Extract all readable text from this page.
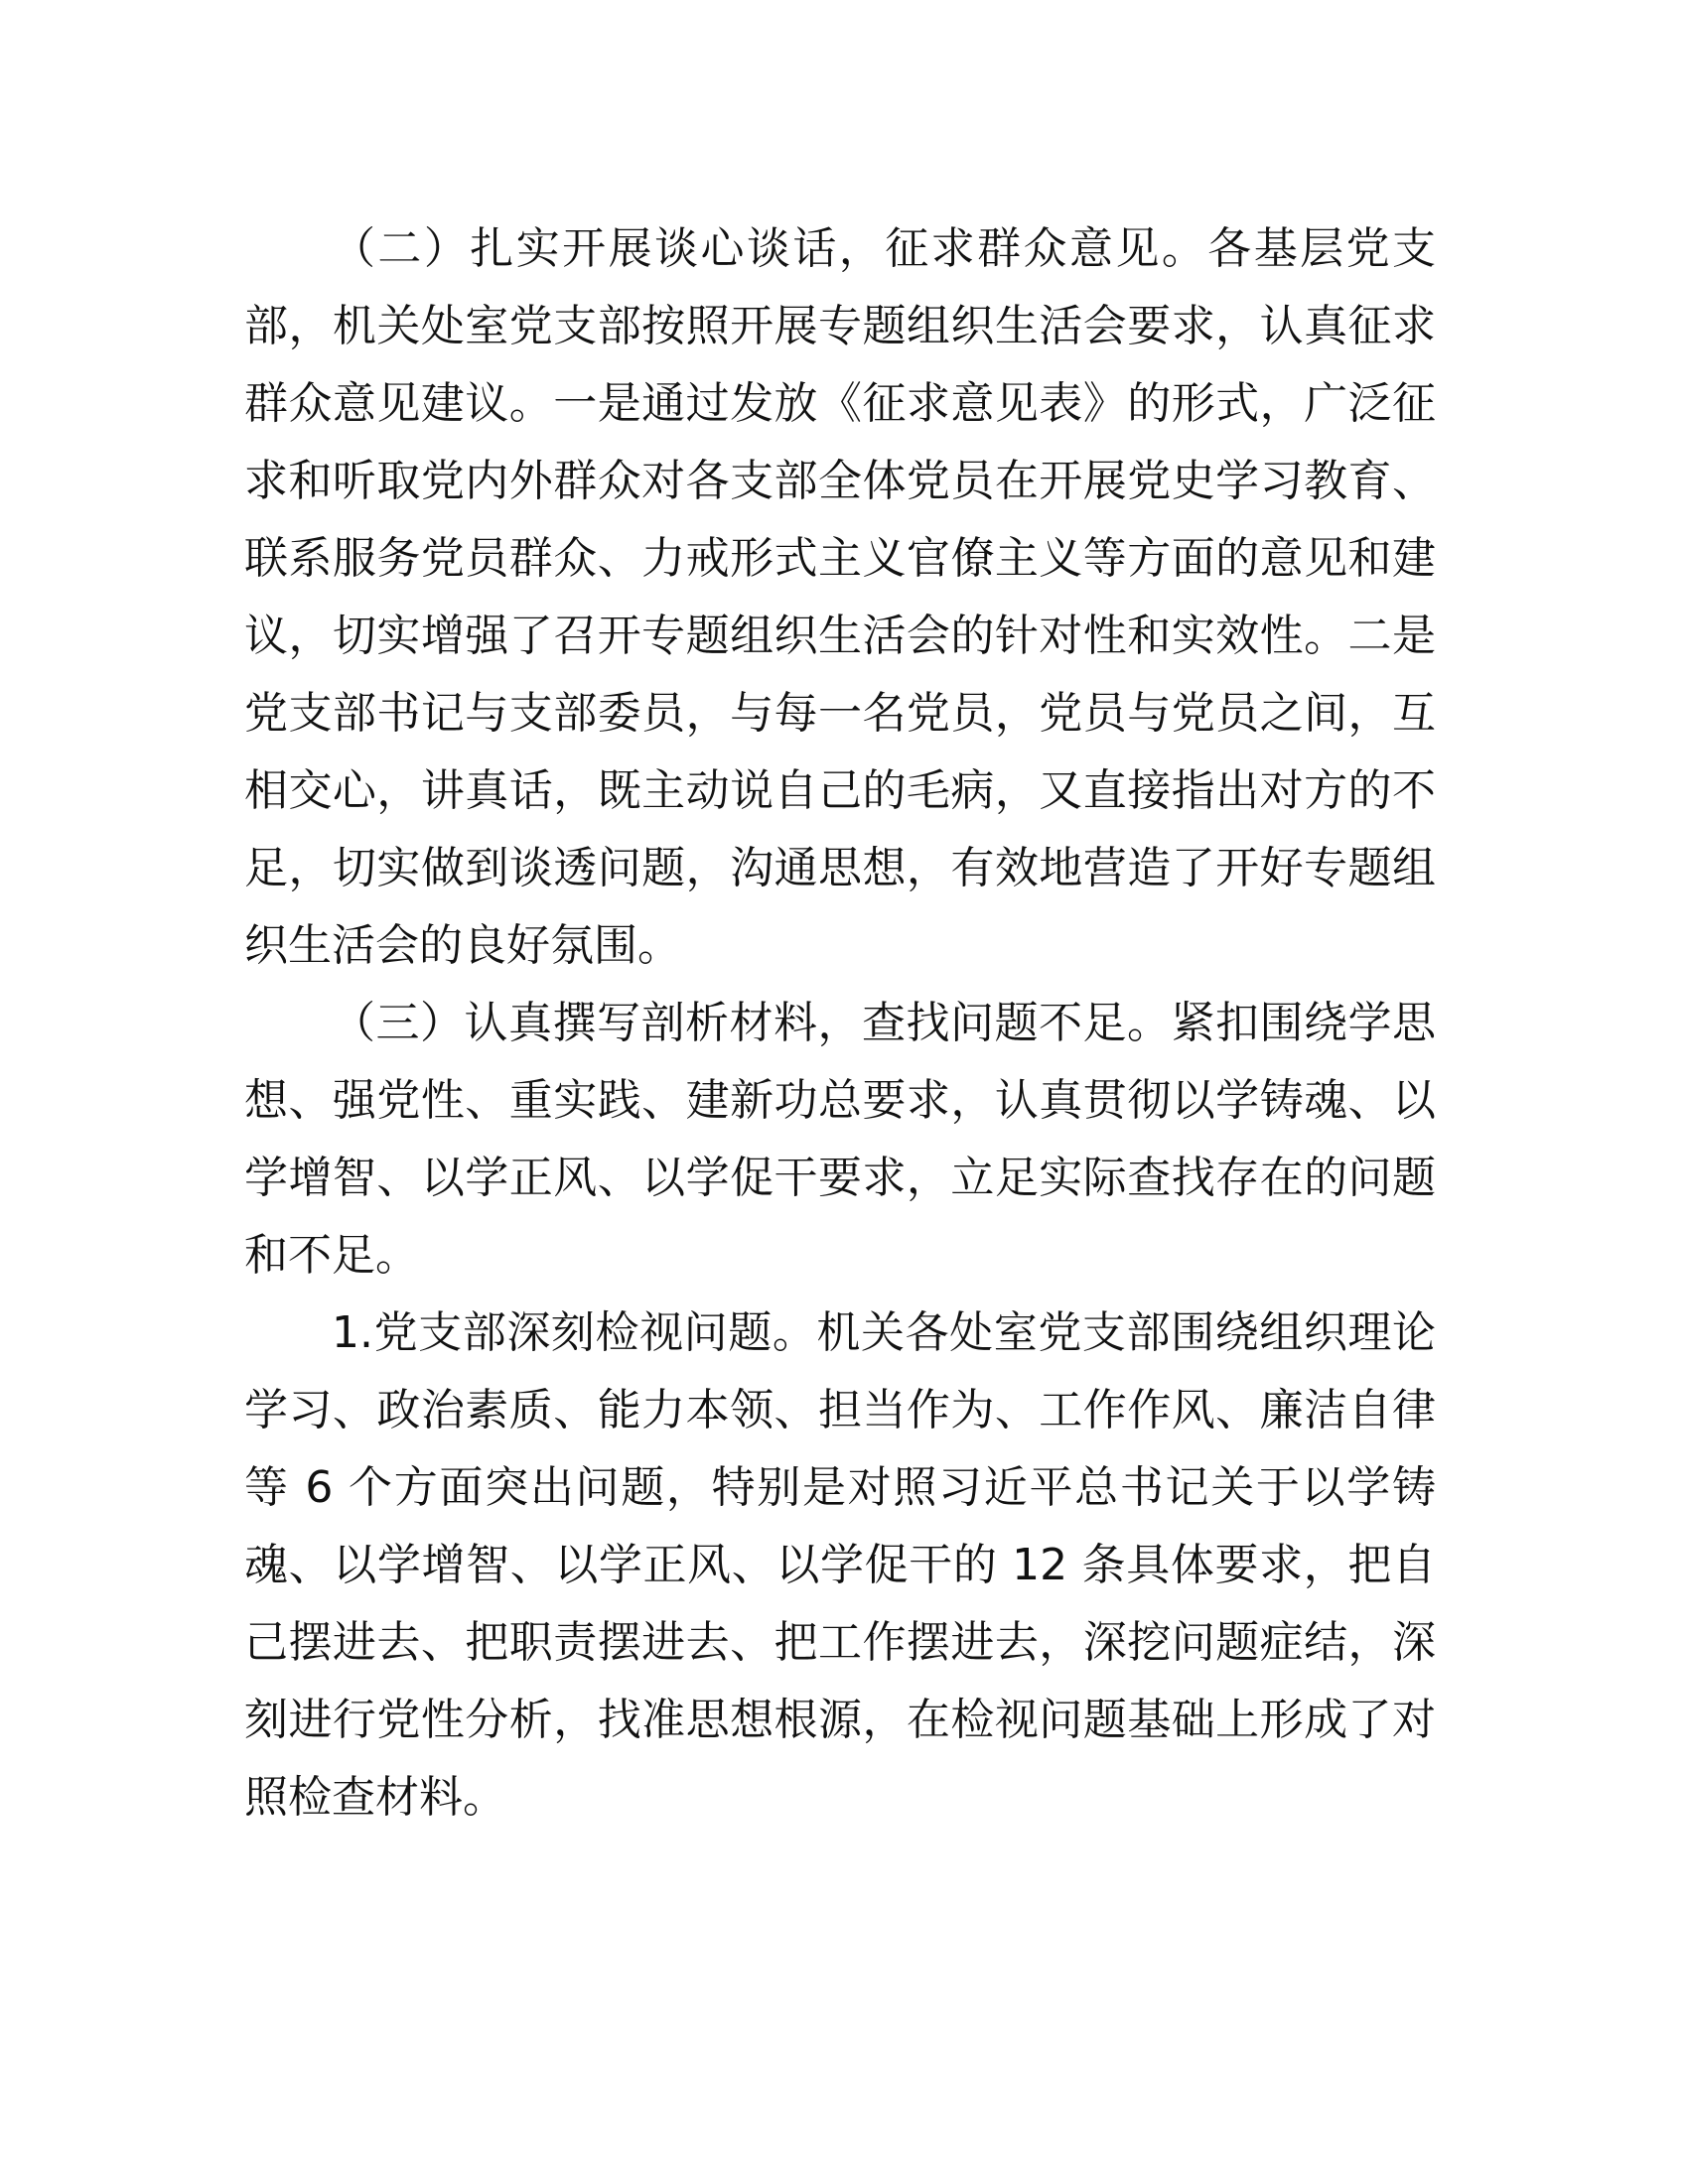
（二）扎实开展谈心谈话，征求群众意见。各基层党支部，机关处室党支部按照开展专题组织生活会要求，认真征求群众意见建议。一是通过发放《征求意见表》的形式，广泛征求和听取党内外群众对各支部全体党员在开展党史学习教育、联系服务党员群众、力戒形式主义官僚主义等方面的意见和建议，切实增强了召开专题组织生活会的针对性和实效性。二是党支部书记与支部委员，与每一名党员，党员与党员之间，互相交心，讲真话，既主动说自己的毛病，又直接指出对方的不足，切实做到谈透问题，沟通思想，有效地营造了开好专题组织生活会的良好氛围。

（三）认真撰写剖析材料，查找问题不足。紧扣围绕学思想、强党性、重实践、建新功总要求，认真贯彻以学铸魂、以学增智、以学正风、以学促干要求，立足实际查找存在的问题和不足。

1.党支部深刻检视问题。机关各处室党支部围绕组织理论学习、政治素质、能力本领、担当作为、工作作风、廉洁自律等 6 个方面突出问题，特别是对照习近平总书记关于以学铸魂、以学增智、以学正风、以学促干的 12 条具体要求，把自己摆进去、把职责摆进去、把工作摆进去，深挖问题症结，深刻进行党性分析，找准思想根源，在检视问题基础上形成了对照检查材料。
